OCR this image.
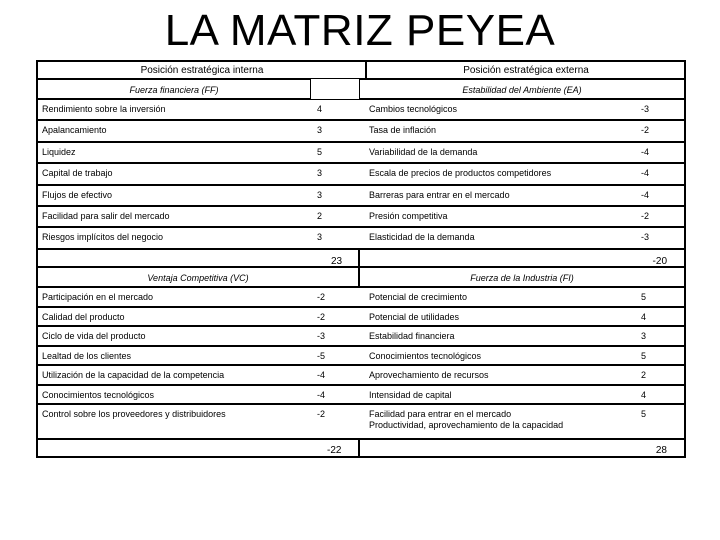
LA MATRIZ PEYEA
Posición estratégica interna	Posición estratégica externa
Fuerza financiera (FF)	Estabilidad del Ambiente (EA)
Rendimiento sobre la inversión	4	Cambios tecnológicos	-3
Apalancamiento	3	Tasa de inflación	-2
Liquidez	5	Variabilidad de la demanda	-4
Capital de trabajo	3	Escala de precios de productos competidores	-4
Flujos de efectivo	3	Barreras para entrar en el mercado	-4
Facilidad para salir del mercado	2	Presión competitiva	-2
Riesgos implícitos del negocio	3	Elasticidad de la demanda	-3
23	-20
Ventaja Competitiva (VC)	Fuerza de la Industria (FI)
Participación en el mercado	-2	Potencial de crecimiento	5
Calidad del producto	-2	Potencial de utilidades	4
Ciclo de vida del producto	-3	Estabilidad financiera	3
Lealtad de los clientes	-5	Conocimientos tecnológicos	5
Utilización de la capacidad de la competencia	-4	Aprovechamiento de recursos	2
Conocimientos tecnológicos	-4	Intensidad de capital	4
Control sobre los proveedores y distribuidores	-2	Facilidad para entrar en el mercado	5
Productividad, aprovechamiento de la capacidad
-22	28
